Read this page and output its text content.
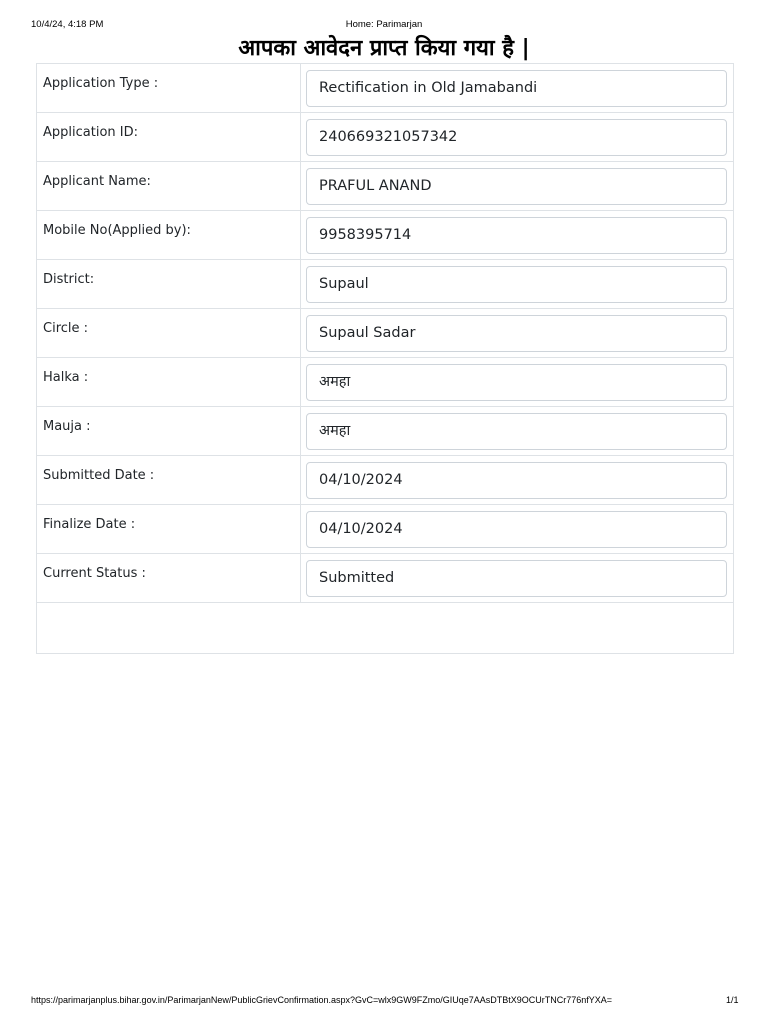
10/4/24, 4:18 PM	Home: Parimarjan
आपका आवेदन प्राप्त किया गया है |
Application Type :	Rectification in Old Jamabandi

Application ID:	240669321057342

Applicant Name:	PRAFUL ANAND

Mobile No(Applied by):	9958395714

District:	Supaul

Circle :	Supaul Sadar

Halka :	अमहा

Mauja :	अमहा

Submitted Date :	04/10/2024

Finalize Date :	04/10/2024

Current Status :	Submitted

https://parimarjanplus.bihar.gov.in/ParimarjanNew/PublicGrievConfirmation.aspx?GvC=wlx9GW9FZmo/GIUqe7AAsDTBtX9OCUrTNCr776nfYXA=	1/1
